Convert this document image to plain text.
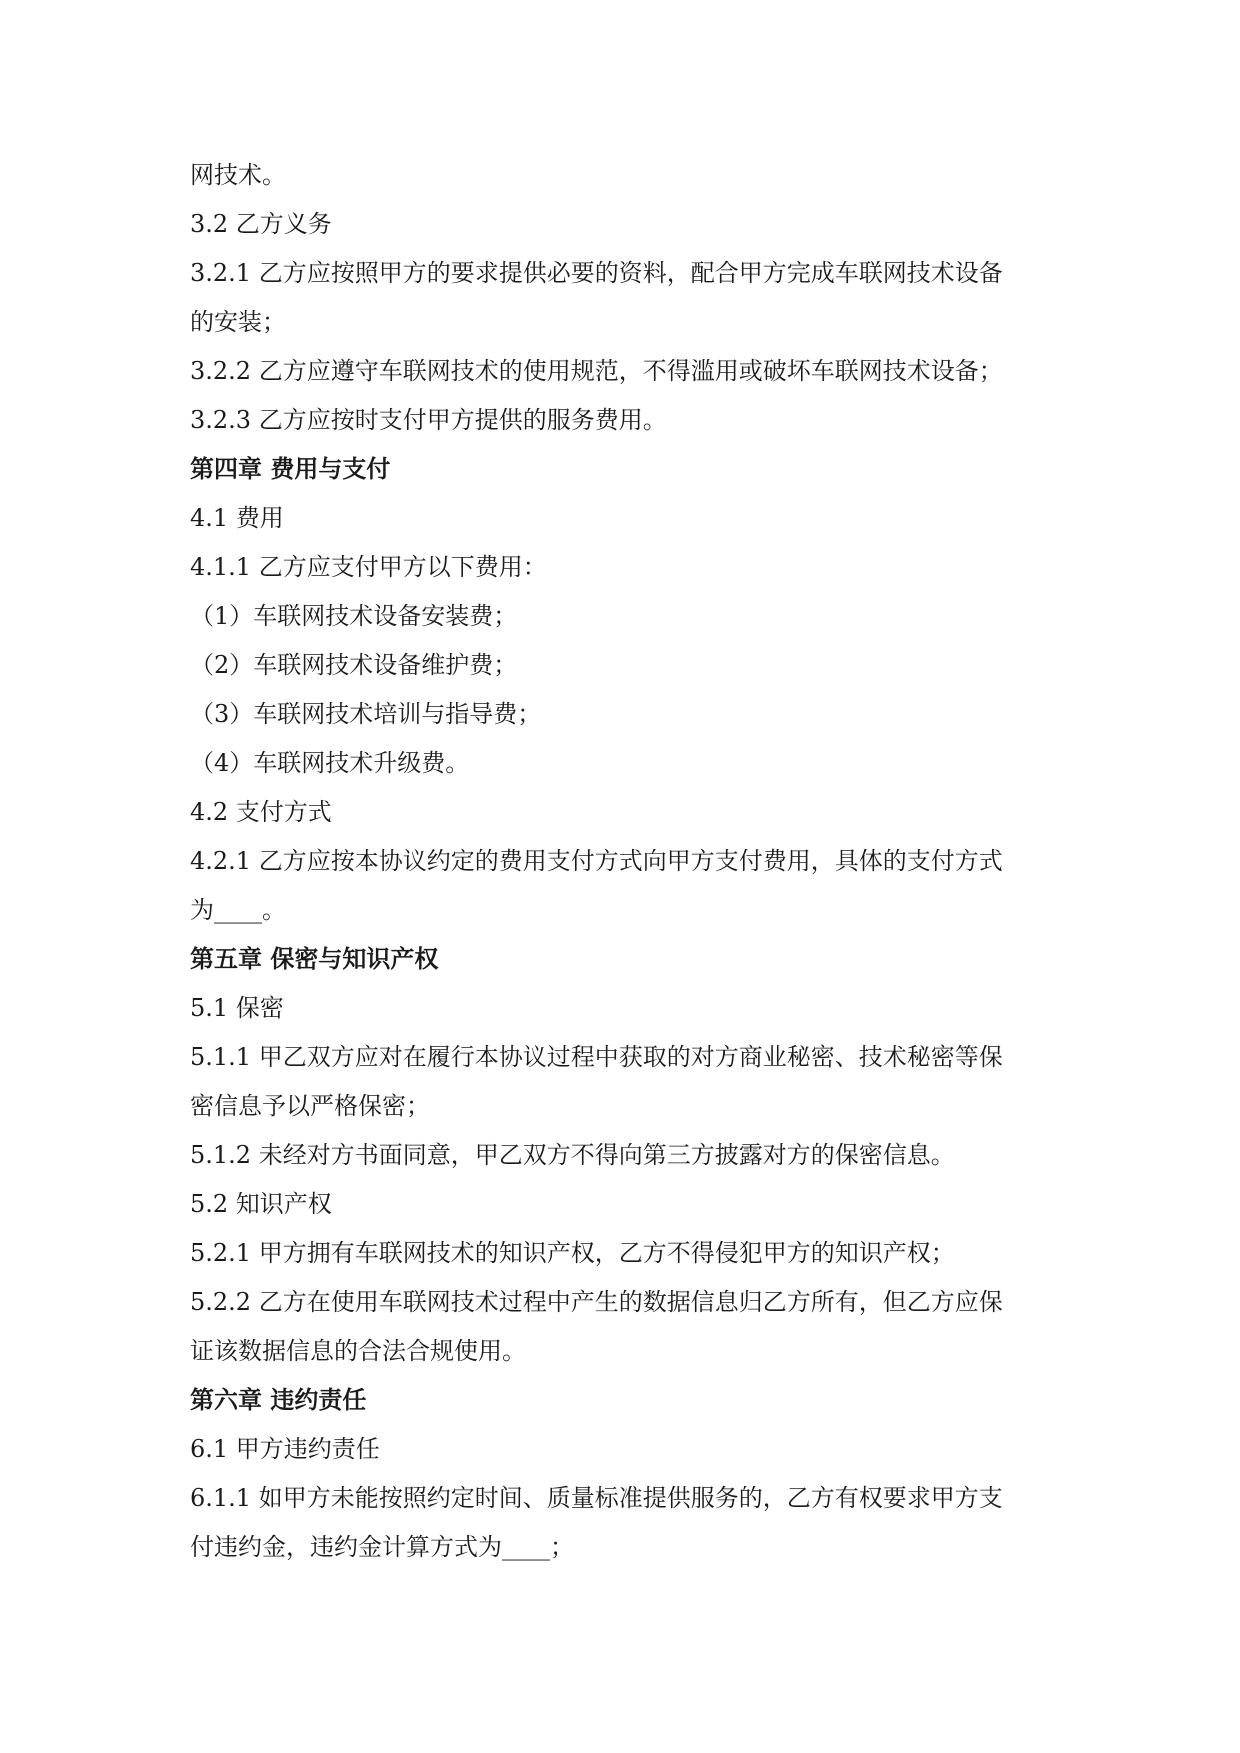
网技术。
3.2 乙方义务
3.2.1 乙方应按照甲方的要求提供必要的资料，配合甲方完成车联网技术设备
的安装；
3.2.2 乙方应遵守车联网技术的使用规范，不得滥用或破坏车联网技术设备；
3.2.3 乙方应按时支付甲方提供的服务费用。
第四章 费用与支付
4.1 费用
4.1.1 乙方应支付甲方以下费用：
（1）车联网技术设备安装费；
（2）车联网技术设备维护费；
（3）车联网技术培训与指导费；
（4）车联网技术升级费。
4.2 支付方式
4.2.1 乙方应按本协议约定的费用支付方式向甲方支付费用，具体的支付方式
为____。
第五章 保密与知识产权
5.1 保密
5.1.1 甲乙双方应对在履行本协议过程中获取的对方商业秘密、技术秘密等保
密信息予以严格保密；
5.1.2 未经对方书面同意，甲乙双方不得向第三方披露对方的保密信息。
5.2 知识产权
5.2.1 甲方拥有车联网技术的知识产权，乙方不得侵犯甲方的知识产权；
5.2.2 乙方在使用车联网技术过程中产生的数据信息归乙方所有，但乙方应保
证该数据信息的合法合规使用。
第六章 违约责任
6.1 甲方违约责任
6.1.1 如甲方未能按照约定时间、质量标准提供服务的，乙方有权要求甲方支
付违约金，违约金计算方式为____；
